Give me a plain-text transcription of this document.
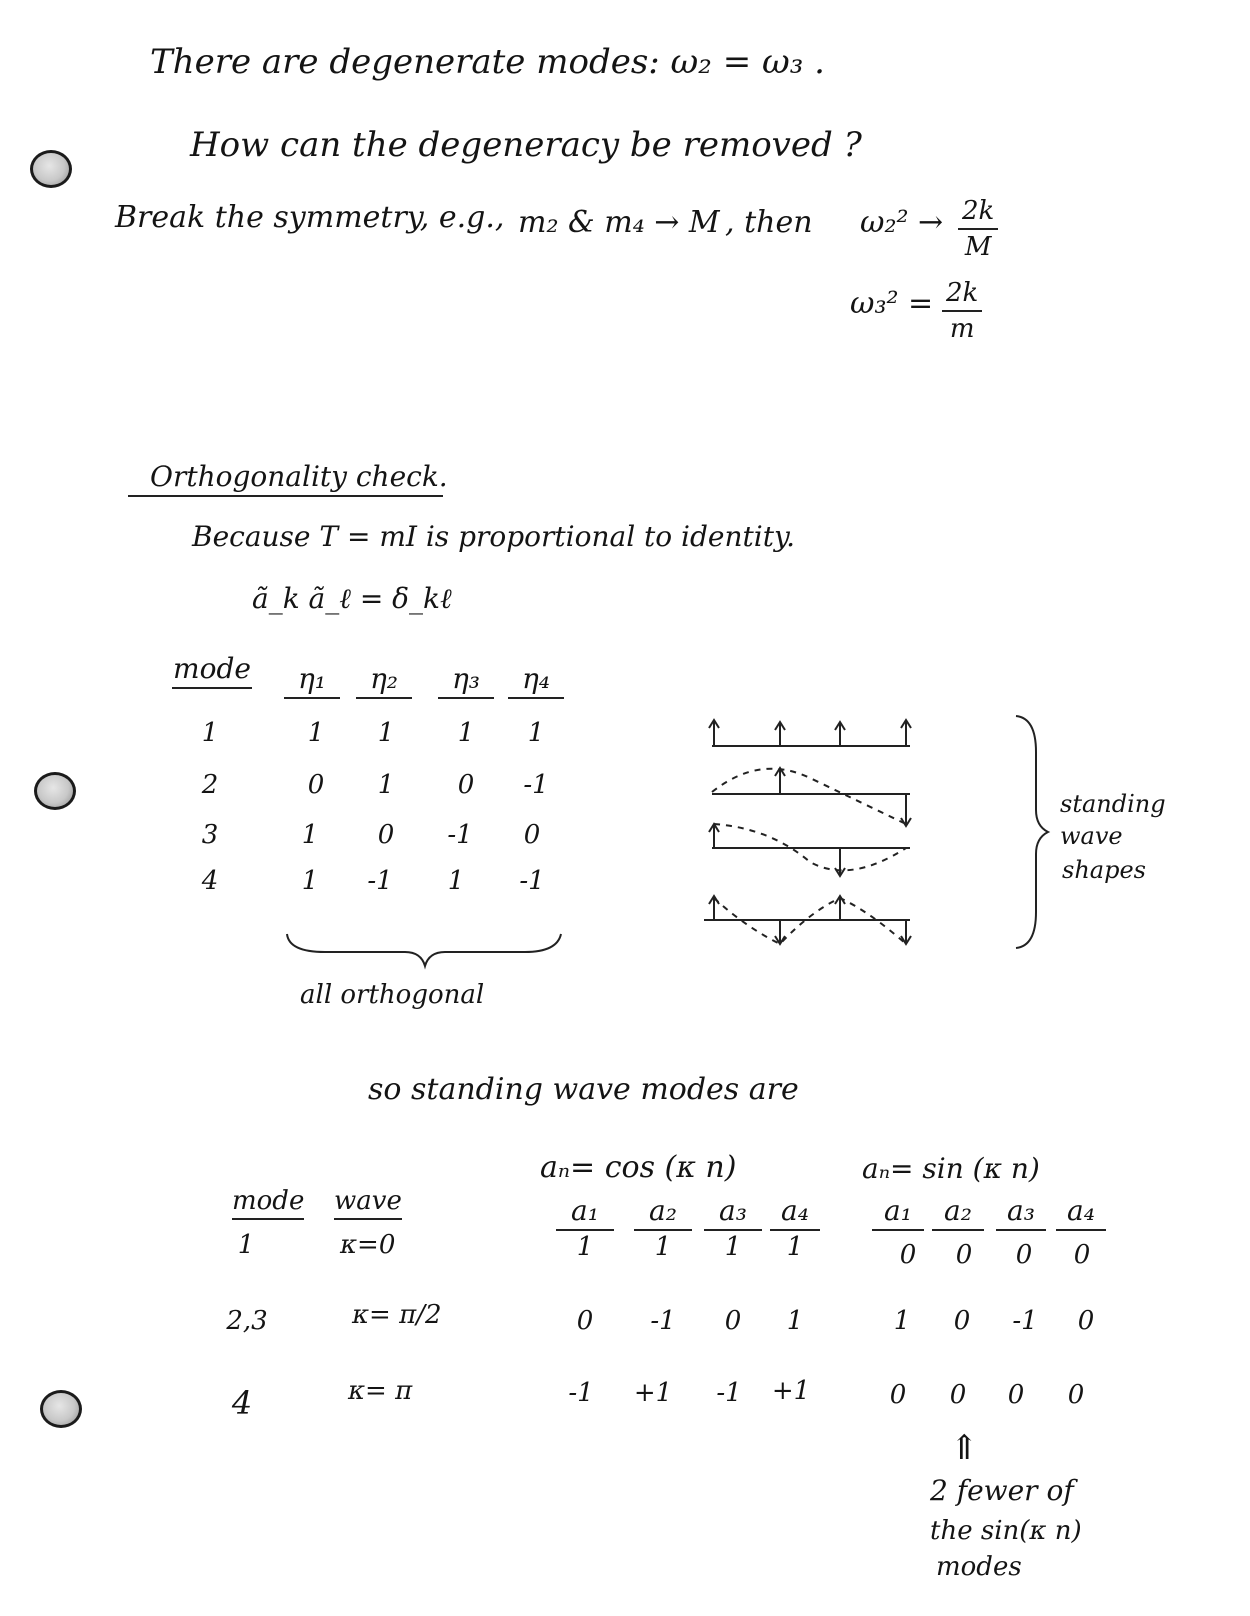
There are degenerate modes: ω₂ = ω₃ .
How can the degeneracy be removed ?
Break the symmetry, e.g., m₂ & m₄ → M , then $\omega_2^2 \to \frac{2k}{M}$
$\omega_3^2 = \frac{2k}{m}$
Orthogonality check.
Because T = mI is proportional to identity.
ã_k ã_ℓ = δ_kℓ
mode	η₁	η₂	η₃	η₄
1	1	1	1	1
2	0	1	0	-1
3	1	0	-1	0
4	1	-1	1	-1
all orthogonal
standing
wave
shapes
so standing wave modes are
aₙ= cos (κ n)	aₙ= sin (κ n)
mode wave	a₁	a₂	a₃	a₄	a₁	a₂	a₃	a₄
1	κ=0	1	1	1	1	0	0	0	0
2,3	κ= π/2	0	-1	0	1	1	0	-1	0
4	κ= π	-1	+1	-1	+1	0	0	0	0
⇑
2 fewer of
the sin(κ n)
modes
